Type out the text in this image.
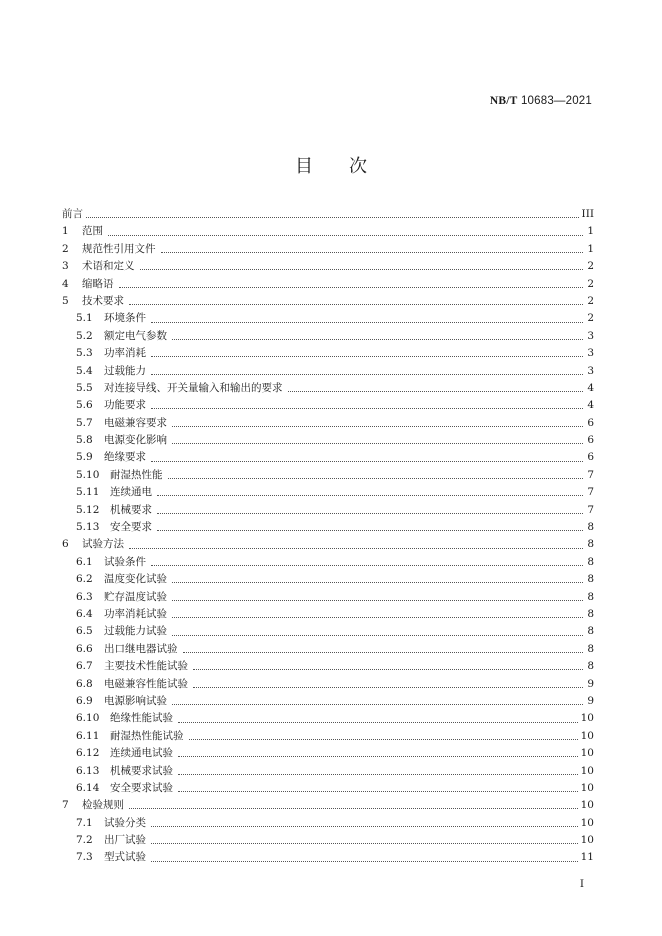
NB/T 10683—2021
目次
前言	III
1	范围	1
2	规范性引用文件	1
3	术语和定义	2
4	缩略语	2
5	技术要求	2
5.1	环境条件	2
5.2	额定电气参数	3
5.3	功率消耗	3
5.4	过载能力	3
5.5	对连接导线、开关量输入和输出的要求	4
5.6	功能要求	4
5.7	电磁兼容要求	6
5.8	电源变化影响	6
5.9	绝缘要求	6
5.10	耐湿热性能	7
5.11	连续通电	7
5.12	机械要求	7
5.13	安全要求	8
6	试验方法	8
6.1	试验条件	8
6.2	温度变化试验	8
6.3	贮存温度试验	8
6.4	功率消耗试验	8
6.5	过载能力试验	8
6.6	出口继电器试验	8
6.7	主要技术性能试验	8
6.8	电磁兼容性能试验	9
6.9	电源影响试验	9
6.10	绝缘性能试验	10
6.11	耐湿热性能试验	10
6.12	连续通电试验	10
6.13	机械要求试验	10
6.14	安全要求试验	10
7	检验规则	10
7.1	试验分类	10
7.2	出厂试验	10
7.3	型式试验	11
I
